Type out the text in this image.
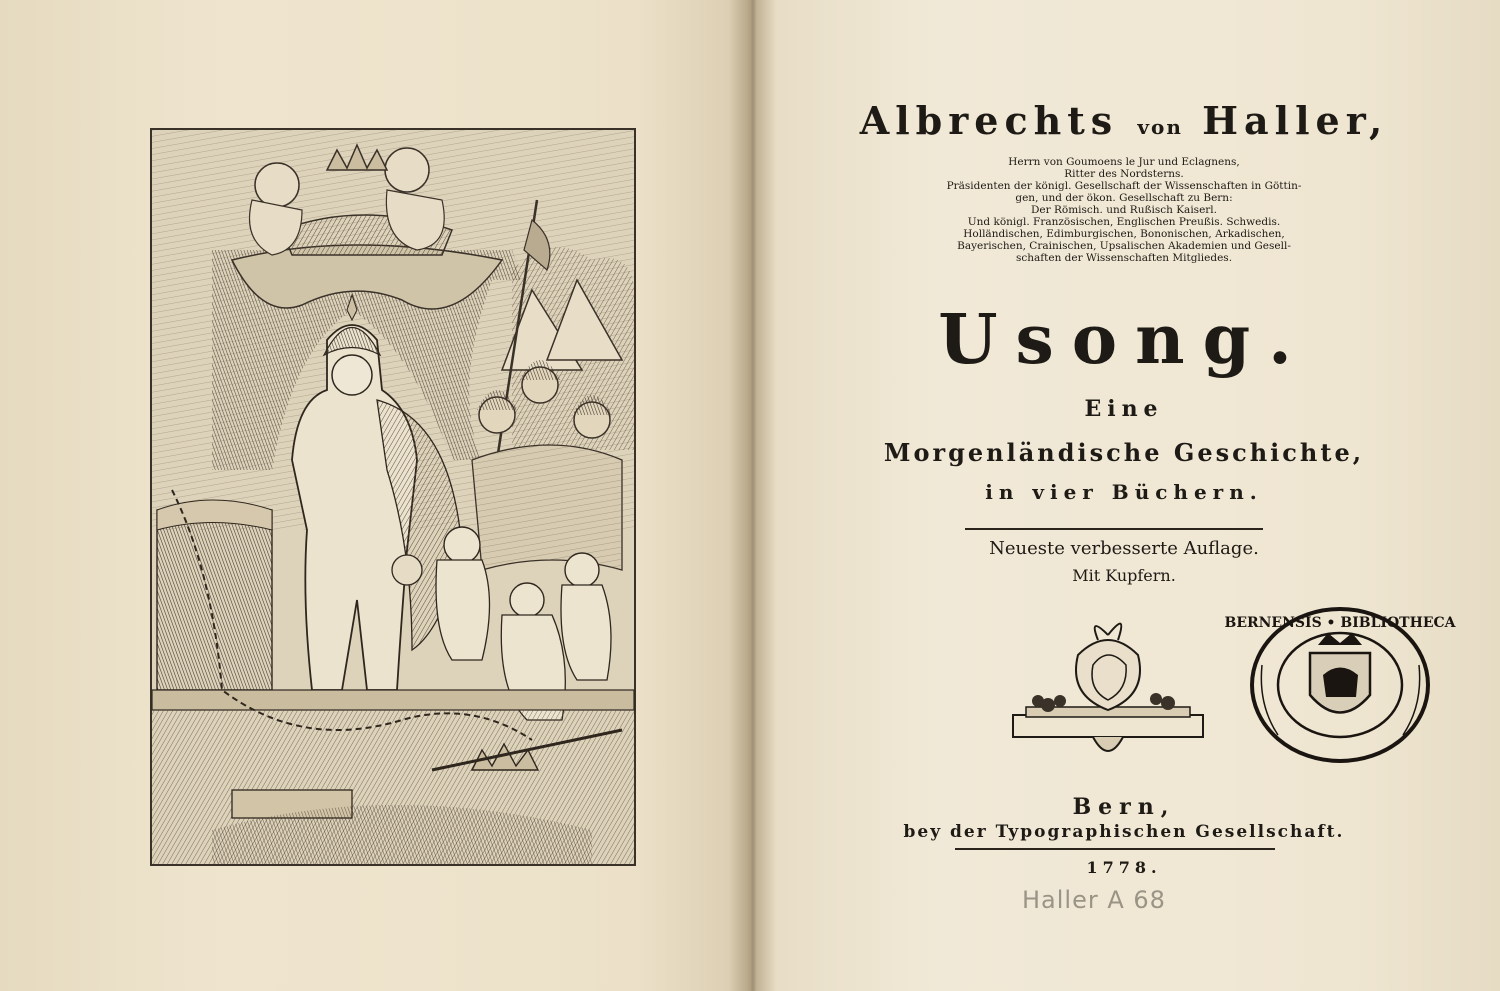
Albrechts von Haller,
Herrn von Goumoens le Jur und Eclagnens,
Ritter des Nordsterns.
Präsidenten der königl. Gesellschaft der Wissenschaften in Göttin-
gen, und der ökon. Gesellschaft zu Bern:
Der Römisch. und Rußisch Kaiserl.
Und königl. Französischen, Englischen Preußis. Schwedis.
Holländischen, Edimburgischen, Bononischen, Arkadischen,
Bayerischen, Crainischen, Upsalischen Akademien und Gesell-
schaften der Wissenschaften Mitgliedes.
Usong.
Eine
Morgenländische Geschichte,
in vier Büchern.
Neueste verbesserte Auflage.
Mit Kupfern.
BERNENSIS • BIBLIOTHECA
Bern,
bey der Typographischen Gesellschaft.
1778.
Haller A 68
